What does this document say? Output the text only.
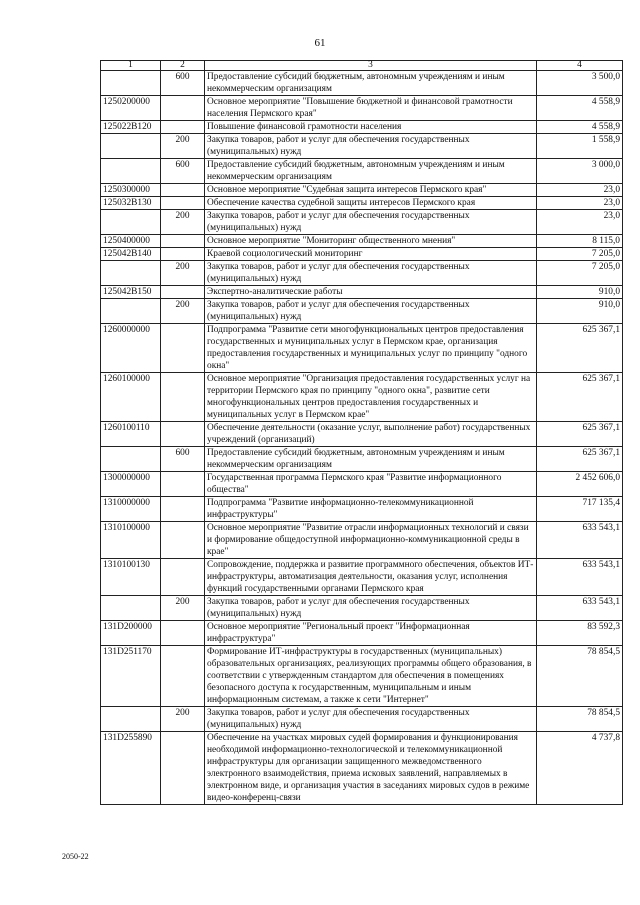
61
1	2	3	4
	600	Предоставление субсидий бюджетным, автономным учреждениям и иным некоммерческим организациям	3 500,0
1250200000		Основное мероприятие "Повышение бюджетной и финансовой грамотности населения Пермского края"	4 558,9
125022В120		Повышение финансовой грамотности населения	4 558,9
	200	Закупка товаров, работ и услуг для обеспечения государственных (муниципальных) нужд	1 558,9
	600	Предоставление субсидий бюджетным, автономным учреждениям и иным некоммерческим организациям	3 000,0
1250300000		Основное мероприятие "Судебная защита интересов Пермского края"	23,0
125032В130		Обеспечение качества судебной защиты интересов Пермского края	23,0
	200	Закупка товаров, работ и услуг для обеспечения государственных (муниципальных) нужд	23,0
1250400000		Основное мероприятие "Мониторинг общественного мнения"	8 115,0
125042В140		Краевой социологический мониторинг	7 205,0
	200	Закупка товаров, работ и услуг для обеспечения государственных (муниципальных) нужд	7 205,0
125042В150		Экспертно-аналитические работы	910,0
	200	Закупка товаров, работ и услуг для обеспечения государственных (муниципальных) нужд	910,0
1260000000		Подпрограмма "Развитие сети многофункциональных центров предоставления государственных и муниципальных услуг в Пермском крае, организация предоставления государственных и муниципальных услуг по принципу "одного окна"	625 367,1
1260100000		Основное мероприятие "Организация предоставления государственных услуг на территории Пермского края по принципу "одного окна", развитие сети многофункциональных центров предоставления государственных и муниципальных услуг в Пермском крае"	625 367,1
1260100110		Обеспечение деятельности (оказание услуг, выполнение работ) государственных учреждений (организаций)	625 367,1
	600	Предоставление субсидий бюджетным, автономным учреждениям и иным некоммерческим организациям	625 367,1
1300000000		Государственная программа Пермского края "Развитие информационного общества"	2 452 606,0
1310000000		Подпрограмма "Развитие информационно-телекоммуникационной инфраструктуры"	717 135,4
1310100000		Основное мероприятие "Развитие отрасли информационных технологий и связи и формирование общедоступной информационно-коммуникационной среды в крае"	633 543,1
1310100130		Сопровождение, поддержка и развитие программного обеспечения, объектов ИТ-инфраструктуры, автоматизация деятельности, оказания услуг, исполнения функций государственными органами Пермского края	633 543,1
	200	Закупка товаров, работ и услуг для обеспечения государственных (муниципальных) нужд	633 543,1
131D200000		Основное мероприятие "Региональный проект "Информационная инфраструктура"	83 592,3
131D251170		Формирование ИТ-инфраструктуры в государственных (муниципальных) образовательных организациях, реализующих программы общего образования, в соответствии с утвержденным стандартом для обеспечения в помещениях безопасного доступа к государственным, муниципальным и иным информационным системам, а также к сети "Интернет"	78 854,5
	200	Закупка товаров, работ и услуг для обеспечения государственных (муниципальных) нужд	78 854,5
131D255890		Обеспечение на участках мировых судей формирования и функционирования необходимой информационно-технологической и телекоммуникационной инфраструктуры для организации защищенного межведомственного электронного взаимодействия, приема исковых заявлений, направляемых в электронном виде, и организация участия в заседаниях мировых судов в режиме видео-конференц-связи	4 737,8
2050-22
